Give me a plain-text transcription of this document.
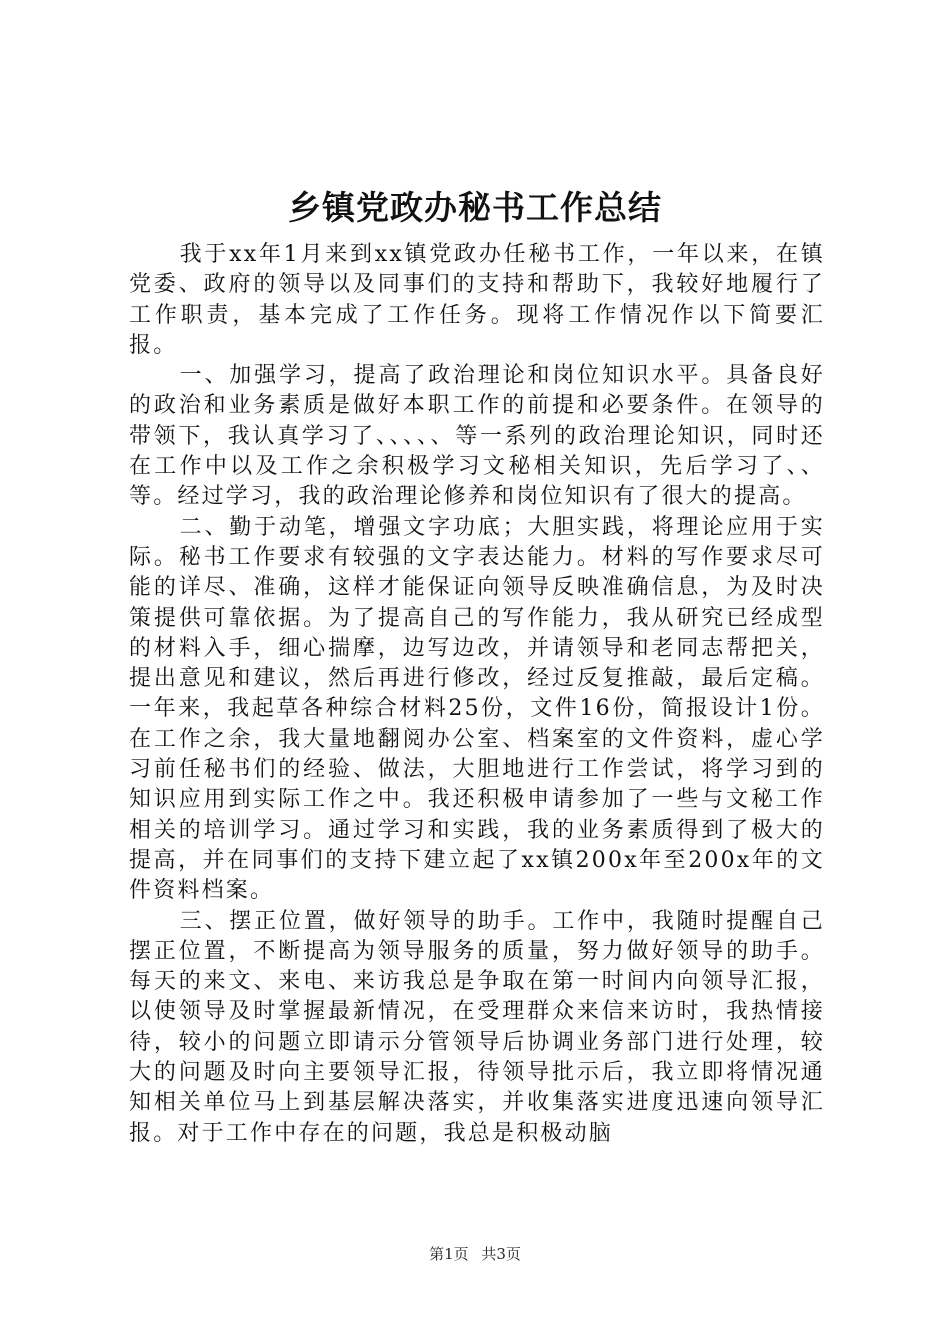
乡镇党政办秘书工作总结

我于xx年1月来到xx镇党政办任秘书工作，一年以来，在镇党委、政府的领导以及同事们的支持和帮助下，我较好地履行了工作职责，基本完成了工作任务。现将工作情况作以下简要汇报。

一、加强学习，提高了政治理论和岗位知识水平。具备良好的政治和业务素质是做好本职工作的前提和必要条件。在领导的带领下，我认真学习了、、、、、等一系列的政治理论知识，同时还在工作中以及工作之余积极学习文秘相关知识，先后学习了、、等。经过学习，我的政治理论修养和岗位知识有了很大的提高。

二、勤于动笔，增强文字功底；大胆实践，将理论应用于实际。秘书工作要求有较强的文字表达能力。材料的写作要求尽可能的详尽、准确，这样才能保证向领导反映准确信息，为及时决策提供可靠依据。为了提高自己的写作能力，我从研究已经成型的材料入手，细心揣摩，边写边改，并请领导和老同志帮把关，提出意见和建议，然后再进行修改，经过反复推敲，最后定稿。一年来，我起草各种综合材料25份，文件16份，简报设计1份。在工作之余，我大量地翻阅办公室、档案室的文件资料，虚心学习前任秘书们的经验、做法，大胆地进行工作尝试，将学习到的知识应用到实际工作之中。我还积极申请参加了一些与文秘工作相关的培训学习。通过学习和实践，我的业务素质得到了极大的提高，并在同事们的支持下建立起了xx镇200x年至200x年的文件资料档案。

三、摆正位置，做好领导的助手。工作中，我随时提醒自己摆正位置，不断提高为领导服务的质量，努力做好领导的助手。每天的来文、来电、来访我总是争取在第一时间内向领导汇报，以使领导及时掌握最新情况，在受理群众来信来访时，我热情接待，较小的问题立即请示分管领导后协调业务部门进行处理，较大的问题及时向主要领导汇报，待领导批示后，我立即将情况通知相关单位马上到基层解决落实，并收集落实进度迅速向领导汇报。对于工作中存在的问题，我总是积极动脑

第1页 共3页
